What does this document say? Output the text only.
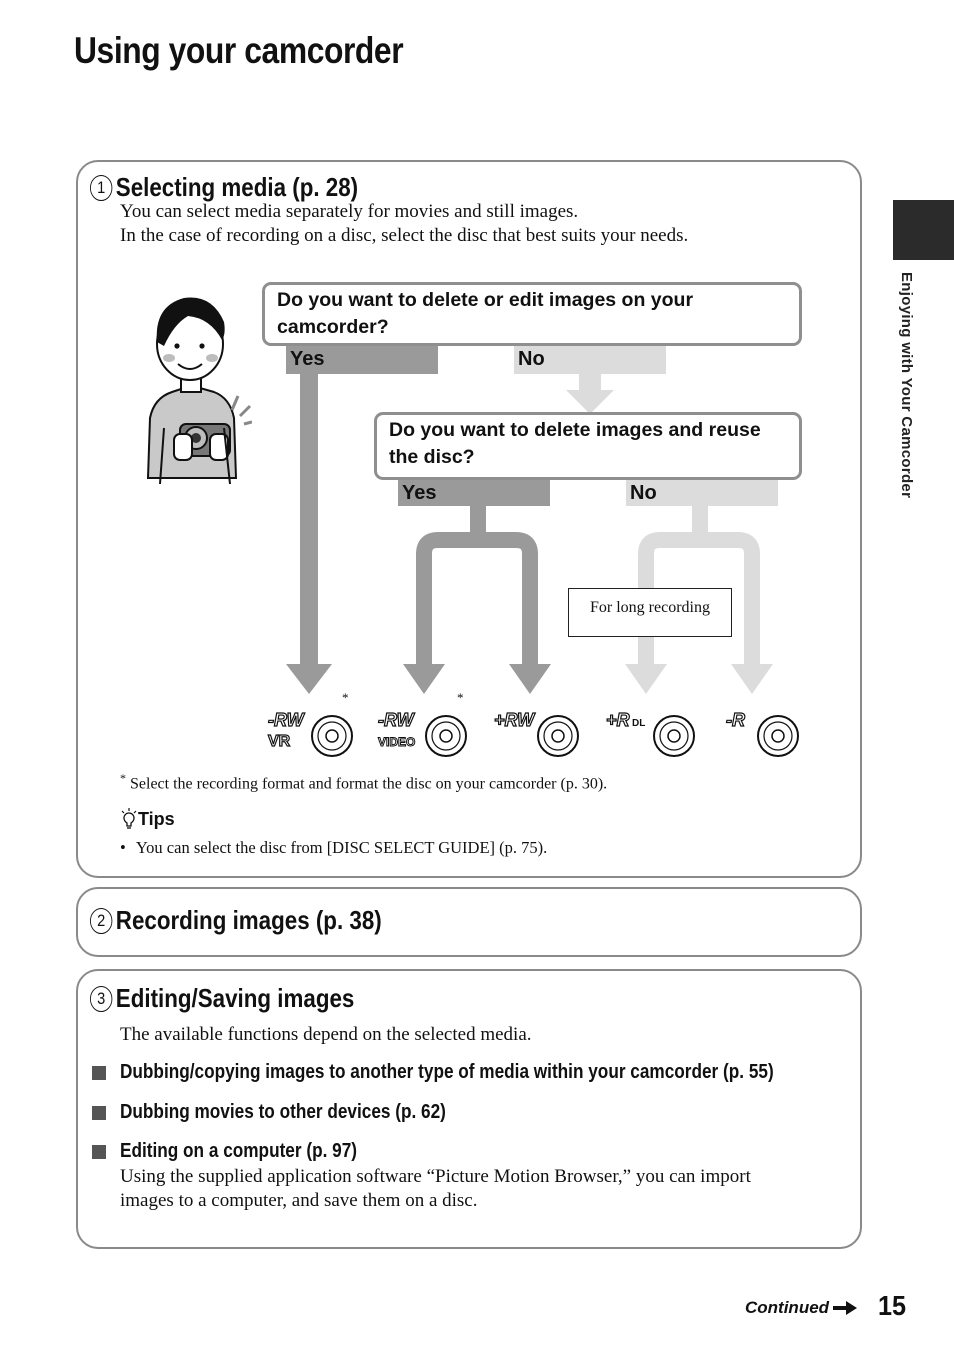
Using your camcorder
Enjoying with Your Camcorder
1 Selecting media (p. 28)
You can select media separately for movies and still images.
In the case of recording on a disc, select the disc that best suits your needs.
Do you want to delete or edit images on your camcorder?
Yes	No
Do you want to delete images and reuse the disc?
Yes	No
For long recording
*	*
-RW
VR
-RW
VIDEO
+RW	+R DL	-R
* Select the recording format and format the disc on your camcorder (p. 30).
Tips
• You can select the disc from [DISC SELECT GUIDE] (p. 75).
2 Recording images (p. 38)
3 Editing/Saving images
The available functions depend on the selected media.
Dubbing/copying images to another type of media within your camcorder (p. 55)
Dubbing movies to other devices (p. 62)
Editing on a computer (p. 97)
Using the supplied application software “Picture Motion Browser,” you can import
images to a computer, and save them on a disc.
Continued 15
